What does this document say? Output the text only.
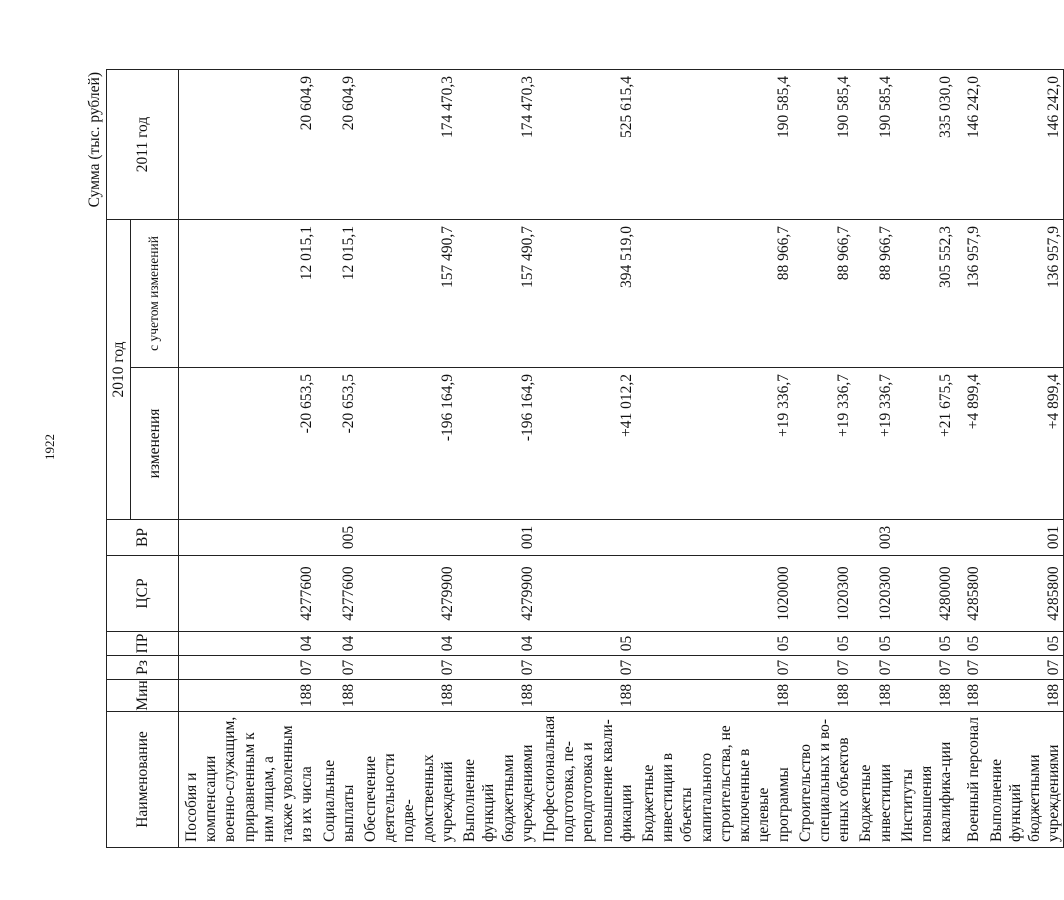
1922
Сумма (тыс. рублей)
Наименование	Мин	Рз	ПР	ЦСР	ВР	2010 год		2011 год
						изменения	с учетом изменений	
Пособия и компенсации военно-служащим, приравненным к ним лицам, а также уволенным из их числа	188	07	04	4277600		-20 653,5	12 015,1	20 604,9
Социальные выплаты	188	07	04	4277600	005	-20 653,5	12 015,1	20 604,9
Обеспечение деятельности подве-домственных учреждений	188	07	04	4279900		-196 164,9	157 490,7	174 470,3
Выполнение функций бюджетными учреждениями	188	07	04	4279900	001	-196 164,9	157 490,7	174 470,3
Профессиональная подготовка, пе-реподготовка и повышение квали-фикации	188	07	05			+41 012,2	394 519,0	525 615,4
Бюджетные инвестиции в объекты капитального строительства, не включенные в целевые программы	188	07	05	1020000		+19 336,7	88 966,7	190 585,4
Строительство специальных и во-енных объектов	188	07	05	1020300		+19 336,7	88 966,7	190 585,4
Бюджетные инвестиции	188	07	05	1020300	003	+19 336,7	88 966,7	190 585,4
Институты повышения квалифика-ции	188	07	05	4280000		+21 675,5	305 552,3	335 030,0
Военный персонал	188	07	05	4285800		+4 899,4	136 957,9	146 242,0
Выполнение функций бюджетными учреждениями	188	07	05	4285800	001	+4 899,4	136 957,9	146 242,0
